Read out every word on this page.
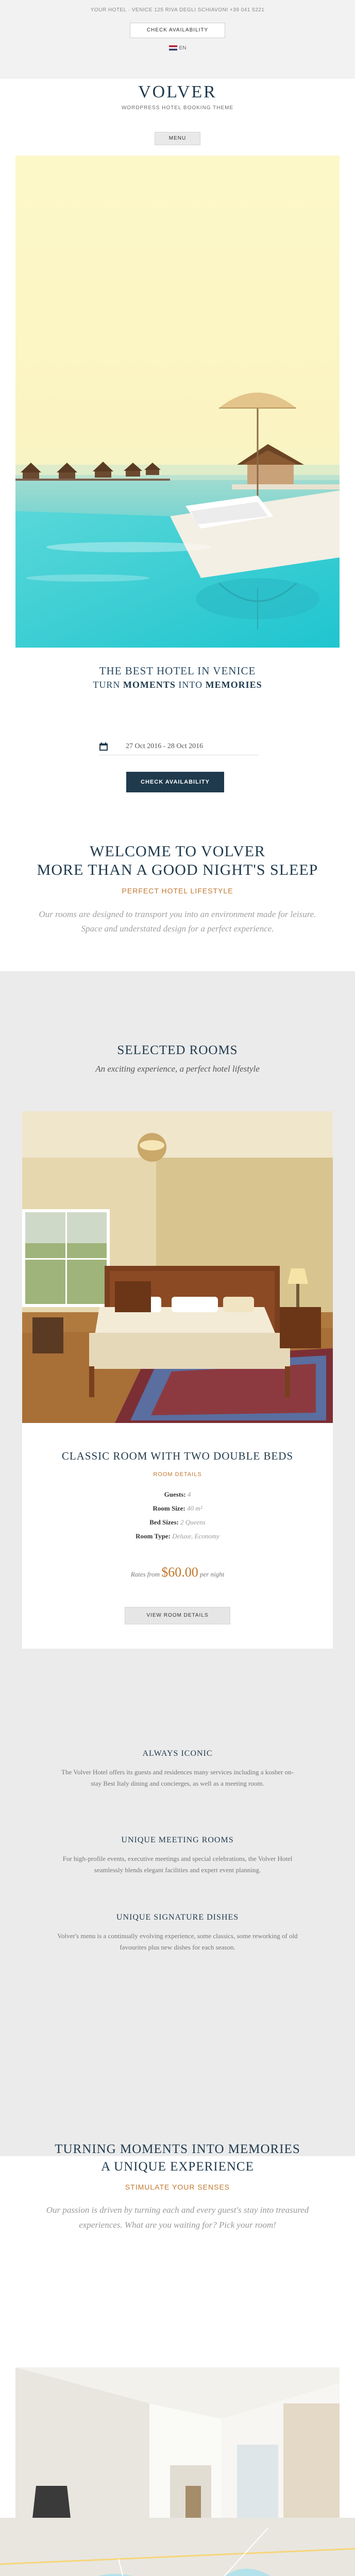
YOUR HOTEL · VENICE 125 RIVA DEGLI SCHIAVONI +39 041 5221
CHECK AVAILABILITY
EN
VOLVER
WORDPRESS HOTEL BOOKING THEME
MENU
THE BEST HOTEL IN VENICE
TURN MOMENTS INTO MEMORIES
27 Oct 2016 - 28 Oct 2016
CHECK AVAILABILITY
WELCOME TO VOLVER
MORE THAN A GOOD NIGHT'S SLEEP
PERFECT HOTEL LIFESTYLE
Our rooms are designed to transport you into an environment made for leisure. Space and understated design for a perfect experience.
SELECTED ROOMS
An exciting experience, a perfect hotel lifestyle
CLASSIC ROOM WITH TWO DOUBLE BEDS
ROOM DETAILS
Guests: 4
Room Size: 40 m²
Bed Sizes: 2 Queens
Room Type: Deluxe, Economy
Rates from $60.00 per night
VIEW ROOM DETAILS
ALWAYS ICONIC
The Volver Hotel offers its guests and residences many services including a kosher on-stay Best Italy dining and concierges, as well as a meeting room.
UNIQUE MEETING ROOMS
For high-profile events, executive meetings and special celebrations, the Volver Hotel seamlessly blends elegant facilities and expert event planning.
UNIQUE SIGNATURE DISHES
Volver's menu is a continually evolving experience, some classics, some reworking of old favourites plus new dishes for each season.
TURNING MOMENTS INTO MEMORIES
A UNIQUE EXPERIENCE
STIMULATE YOUR SENSES
Our passion is driven by turning each and every guest's stay into treasured experiences. What are you waiting for? Pick your room!
